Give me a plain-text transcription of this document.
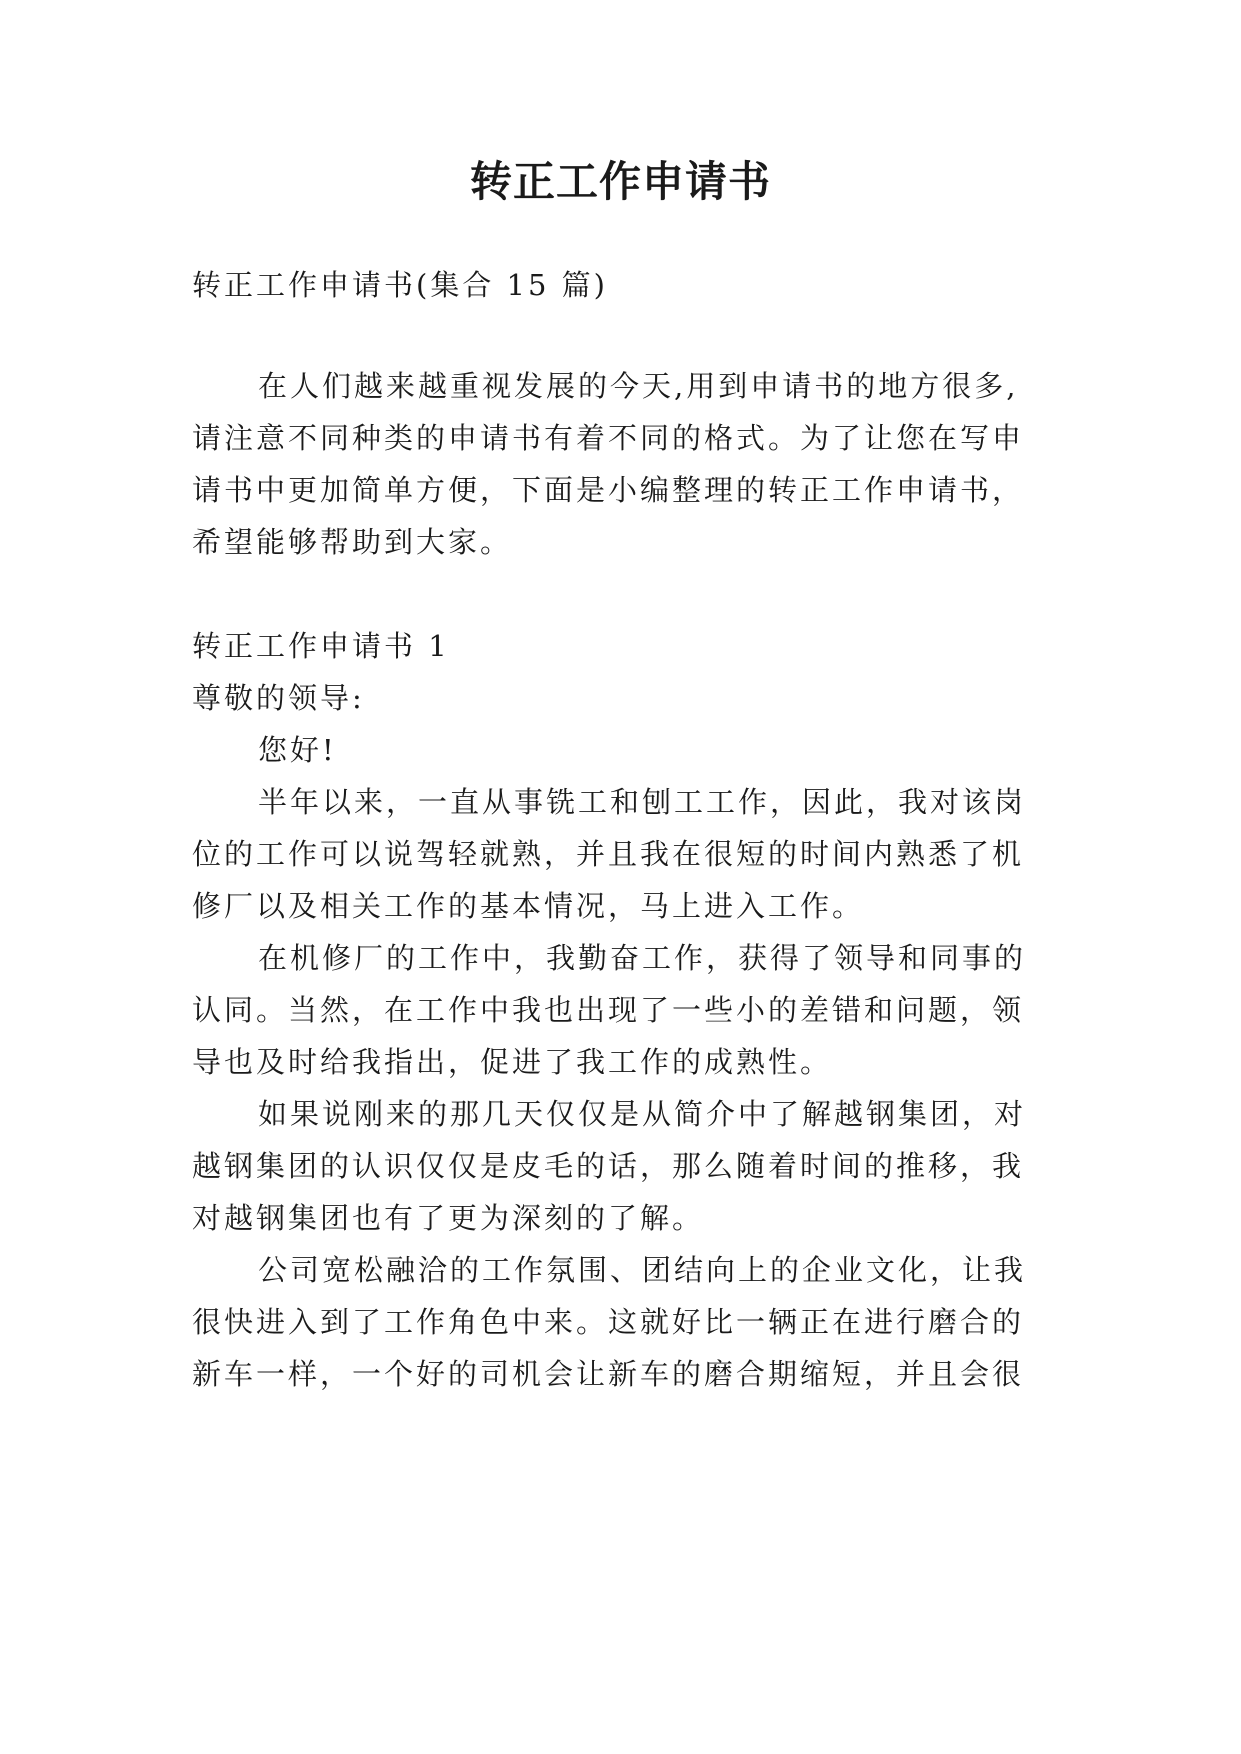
转正工作申请书
转正工作申请书(集合 15 篇)
在人们越来越重视发展的今天,用到申请书的地方很多,
请注意不同种类的申请书有着不同的格式。为了让您在写申
请书中更加简单方便，下面是小编整理的转正工作申请书，
希望能够帮助到大家。
转正工作申请书 1
尊敬的领导:
您好!
半年以来，一直从事铣工和刨工工作，因此，我对该岗
位的工作可以说驾轻就熟，并且我在很短的时间内熟悉了机
修厂以及相关工作的基本情况，马上进入工作。
在机修厂的工作中，我勤奋工作，获得了领导和同事的
认同。当然，在工作中我也出现了一些小的差错和问题，领
导也及时给我指出，促进了我工作的成熟性。
如果说刚来的那几天仅仅是从简介中了解越钢集团，对
越钢集团的认识仅仅是皮毛的话，那么随着时间的推移，我
对越钢集团也有了更为深刻的了解。
公司宽松融洽的工作氛围、团结向上的企业文化，让我
很快进入到了工作角色中来。这就好比一辆正在进行磨合的
新车一样，一个好的司机会让新车的磨合期缩短，并且会很
